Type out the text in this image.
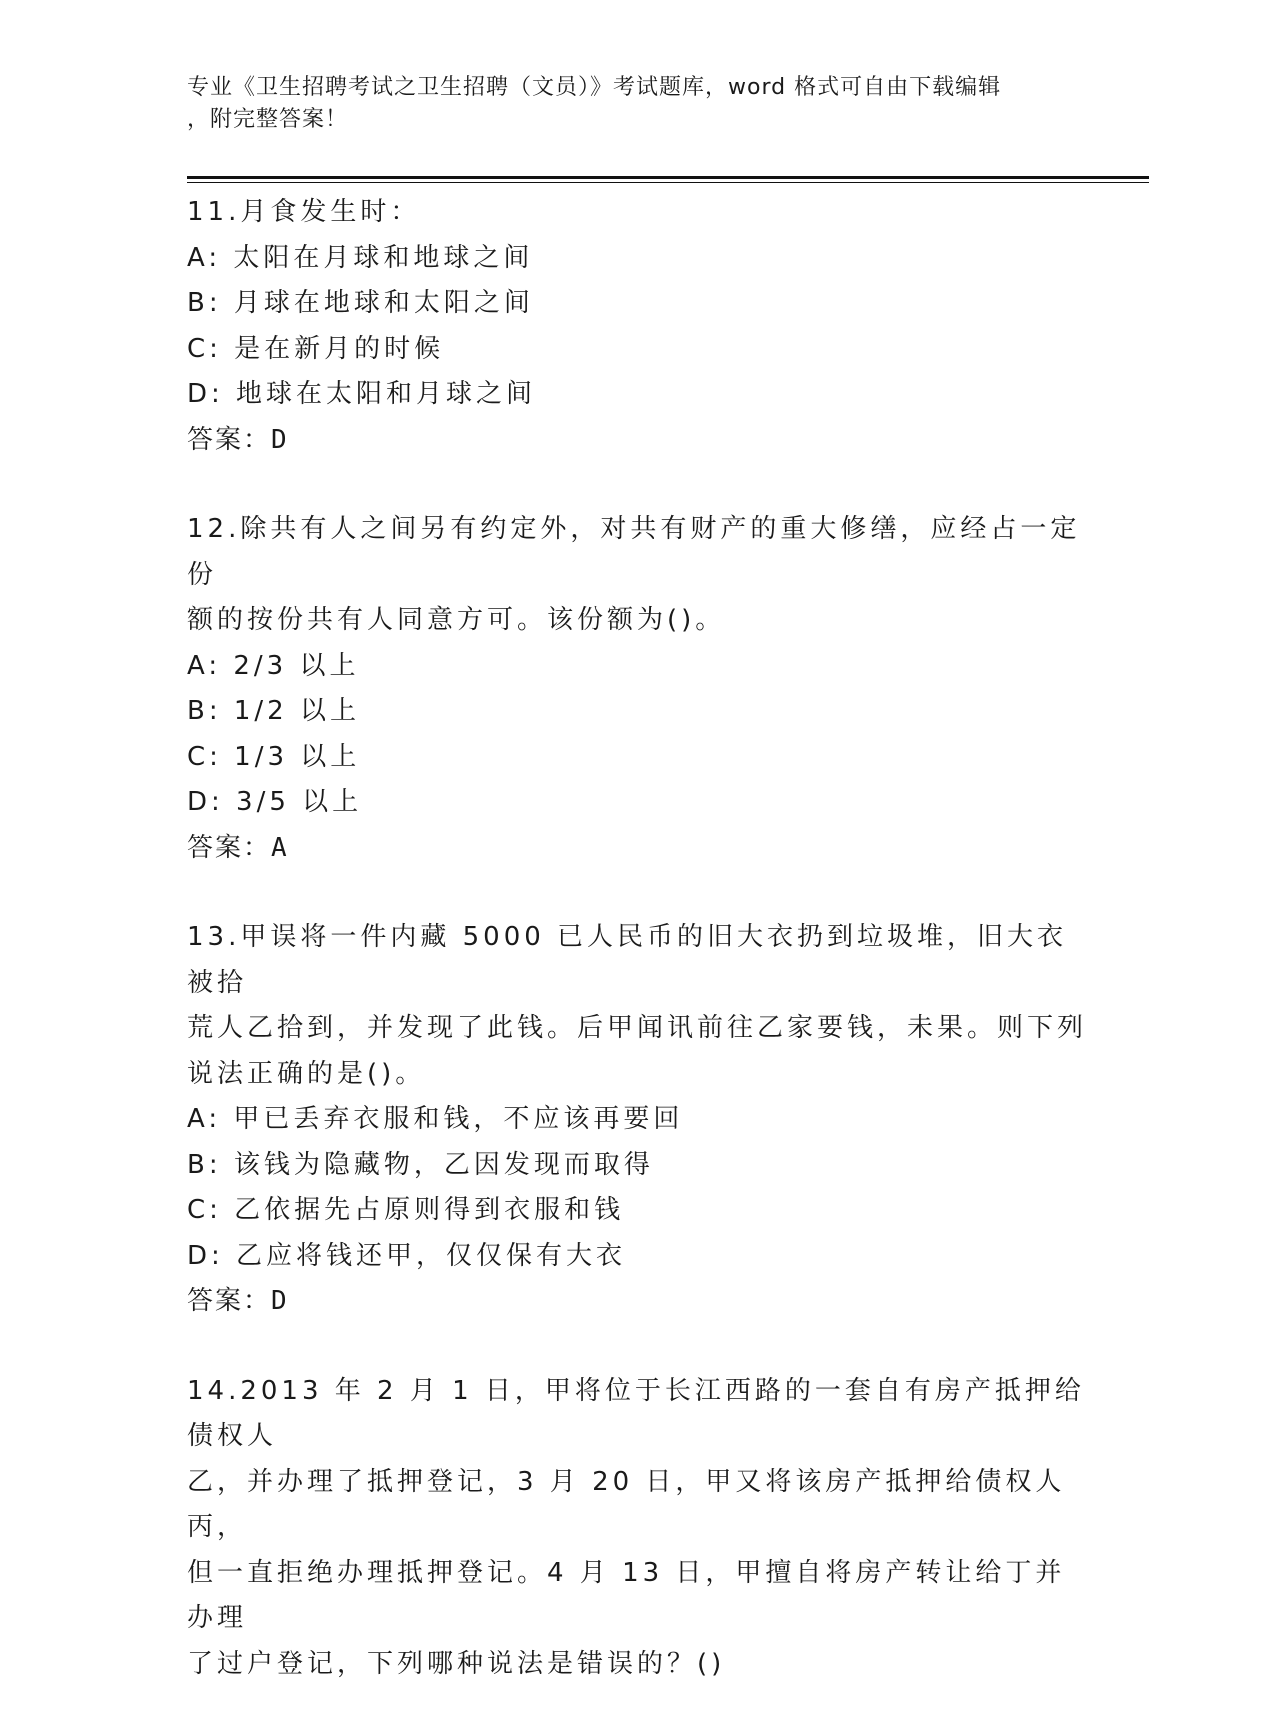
专业《卫生招聘考试之卫生招聘（文员）》考试题库，word 格式可自由下载编辑
，附完整答案！
11.月食发生时：
A: 太阳在月球和地球之间
B: 月球在地球和太阳之间
C: 是在新月的时候
D: 地球在太阳和月球之间
答案：D
12.除共有人之间另有约定外，对共有财产的重大修缮，应经占一定份
额的按份共有人同意方可。该份额为()。
A: 2/3 以上
B: 1/2 以上
C: 1/3 以上
D: 3/5 以上
答案：A
13.甲误将一件内藏 5000 已人民币的旧大衣扔到垃圾堆，旧大衣被拾
荒人乙拾到，并发现了此钱。后甲闻讯前往乙家要钱，未果。则下列
说法正确的是()。
A: 甲已丢弃衣服和钱，不应该再要回
B: 该钱为隐藏物，乙因发现而取得
C: 乙依据先占原则得到衣服和钱
D: 乙应将钱还甲，仅仅保有大衣
答案：D
14.2013 年 2 月 1 日，甲将位于长江西路的一套自有房产抵押给债权人
乙，并办理了抵押登记，3 月 20 日，甲又将该房产抵押给债权人丙，
但一直拒绝办理抵押登记。4 月 13 日，甲擅自将房产转让给丁并办理
了过户登记，下列哪种说法是错误的？()
